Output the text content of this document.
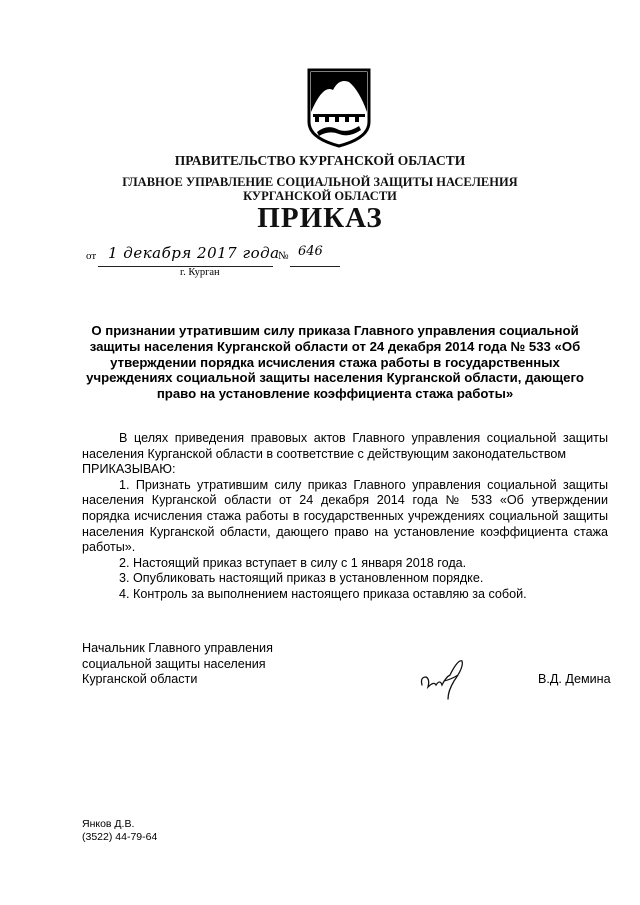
ПРАВИТЕЛЬСТВО КУРГАНСКОЙ ОБЛАСТИ
ГЛАВНОЕ УПРАВЛЕНИЕ СОЦИАЛЬНОЙ ЗАЩИТЫ НАСЕЛЕНИЯ
КУРГАНСКОЙ ОБЛАСТИ
ПРИКАЗ
от 1 декабря 2017 года
№ 646
г. Курган
О признании утратившим силу приказа Главного управления социальной защиты населения Курганской области от 24 декабря 2014 года № 533 «Об утверждении порядка исчисления стажа работы в государственных учреждениях социальной защиты населения Курганской области, дающего право на установление коэффициента стажа работы»

В целях приведения правовых актов Главного управления социальной защиты населения Курганской области в соответствие с действующим законодательством

ПРИКАЗЫВАЮ:

1. Признать утратившим силу приказ Главного управления социальной защиты населения Курганской области от 24 декабря 2014 года № 533 «Об утверждении порядка исчисления стажа работы в государственных учреждениях социальной защиты населения Курганской области, дающего право на установление коэффициента стажа работы».

2. Настоящий приказ вступает в силу с 1 января 2018 года.

3. Опубликовать настоящий приказ в установленном порядке.

4. Контроль за выполнением настоящего приказа оставляю за собой.

Начальник Главного управления

социальной защиты населения

Курганской области	В.Д. Демина

Янков Д.В.

(3522) 44-79-64
